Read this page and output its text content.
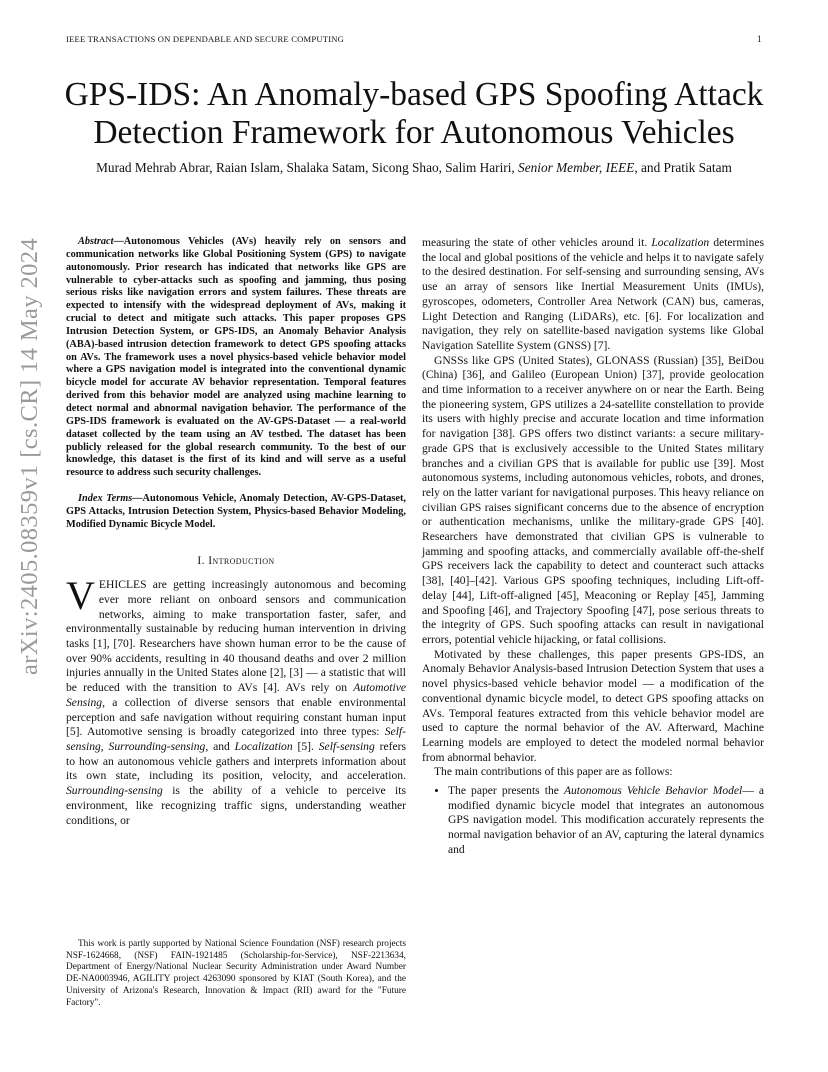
IEEE TRANSACTIONS ON DEPENDABLE AND SECURE COMPUTING	1
arXiv:2405.08359v1 [cs.CR] 14 May 2024
GPS-IDS: An Anomaly-based GPS Spoofing Attack
Detection Framework for Autonomous Vehicles
Murad Mehrab Abrar, Raian Islam, Shalaka Satam, Sicong Shao, Salim Hariri, Senior Member, IEEE, and Pratik Satam

Abstract—Autonomous Vehicles (AVs) heavily rely on sensors and communication networks like Global Positioning System (GPS) to navigate autonomously. Prior research has indicated that networks like GPS are vulnerable to cyber-attacks such as spoofing and jamming, thus posing serious risks like navigation errors and system failures. These threats are expected to intensify with the widespread deployment of AVs, making it crucial to detect and mitigate such attacks. This paper proposes GPS Intrusion Detection System, or GPS-IDS, an Anomaly Behavior Analysis (ABA)-based intrusion detection framework to detect GPS spoofing attacks on AVs. The framework uses a novel physics-based vehicle behavior model where a GPS navigation model is integrated into the conventional dynamic bicycle model for accurate AV behavior representation. Temporal features derived from this behavior model are analyzed using machine learning to detect normal and abnormal navigation behavior. The performance of the GPS-IDS framework is evaluated on the AV-GPS-Dataset — a real-world dataset collected by the team using an AV testbed. The dataset has been publicly released for the global research community. To the best of our knowledge, this dataset is the first of its kind and will serve as a useful resource to address such security challenges.

Index Terms—Autonomous Vehicle, Anomaly Detection, AV-GPS-Dataset, GPS Attacks, Intrusion Detection System, Physics-based Behavior Modeling, Modified Dynamic Bicycle Model.

I. Introduction

VEHICLES are getting increasingly autonomous and becoming ever more reliant on onboard sensors and communication networks, aiming to make transportation faster, safer, and environmentally sustainable by reducing human intervention in driving tasks [1], [70]. Researchers have shown human error to be the cause of over 90% accidents, resulting in 40 thousand deaths and over 2 million injuries annually in the United States alone [2], [3] — a statistic that will be reduced with the transition to AVs [4]. AVs rely on Automotive Sensing, a collection of diverse sensors that enable environmental perception and safe navigation without requiring constant human input [5]. Automotive sensing is broadly categorized into three types: Self-sensing, Surrounding-sensing, and Localization [5]. Self-sensing refers to how an autonomous vehicle gathers and interprets information about its own state, including its position, velocity, and acceleration. Surrounding-sensing is the ability of a vehicle to perceive its environment, like recognizing traffic signs, understanding weather conditions, or

This work is partly supported by National Science Foundation (NSF) research projects NSF-1624668, (NSF) FAIN-1921485 (Scholarship-for-Service), NSF-2213634, Department of Energy/National Nuclear Security Administration under Award Number DE-NA0003946, AGILITY project 4263090 sponsored by KIAT (South Korea), and the University of Arizona's Research, Innovation & Impact (RII) award for the "Future Factory".

measuring the state of other vehicles around it. Localization determines the local and global positions of the vehicle and helps it to navigate safely to the desired destination. For self-sensing and surrounding sensing, AVs use an array of sensors like Inertial Measurement Units (IMUs), gyroscopes, odometers, Controller Area Network (CAN) bus, cameras, Light Detection and Ranging (LiDARs), etc. [6]. For localization and navigation, they rely on satellite-based navigation systems like Global Navigation Satellite System (GNSS) [7].

GNSSs like GPS (United States), GLONASS (Russian) [35], BeiDou (China) [36], and Galileo (European Union) [37], provide geolocation and time information to a receiver anywhere on or near the Earth. Being the pioneering system, GPS utilizes a 24-satellite constellation to provide its users with highly precise and accurate location and time information for navigation [38]. GPS offers two distinct variants: a secure military-grade GPS that is exclusively accessible to the United States military branches and a civilian GPS that is available for public use [39]. Most autonomous systems, including autonomous vehicles, robots, and drones, rely on the latter variant for navigational purposes. This heavy reliance on civilian GPS raises significant concerns due to the absence of encryption or authentication mechanisms, unlike the military-grade GPS [40]. Researchers have demonstrated that civilian GPS is vulnerable to jamming and spoofing attacks, and commercially available off-the-shelf GPS receivers lack the capability to detect and counteract such attacks [38], [40]–[42]. Various GPS spoofing techniques, including Lift-off-delay [44], Lift-off-aligned [45], Meaconing or Replay [45], Jamming and Spoofing [46], and Trajectory Spoofing [47], pose serious threats to the integrity of GPS. Such spoofing attacks can result in navigational errors, potential vehicle hijacking, or fatal collisions.

Motivated by these challenges, this paper presents GPS-IDS, an Anomaly Behavior Analysis-based Intrusion Detection System that uses a novel physics-based vehicle behavior model — a modification of the conventional dynamic bicycle model, to detect GPS spoofing attacks on AVs. Temporal features extracted from this vehicle behavior model are used to capture the normal behavior of the AV. Afterward, Machine Learning models are employed to detect the modeled normal behavior from abnormal behavior.

The main contributions of this paper are as follows:

• The paper presents the Autonomous Vehicle Behavior Model— a modified dynamic bicycle model that integrates an autonomous GPS navigation model. This modification accurately represents the normal navigation behavior of an AV, capturing the lateral dynamics and
